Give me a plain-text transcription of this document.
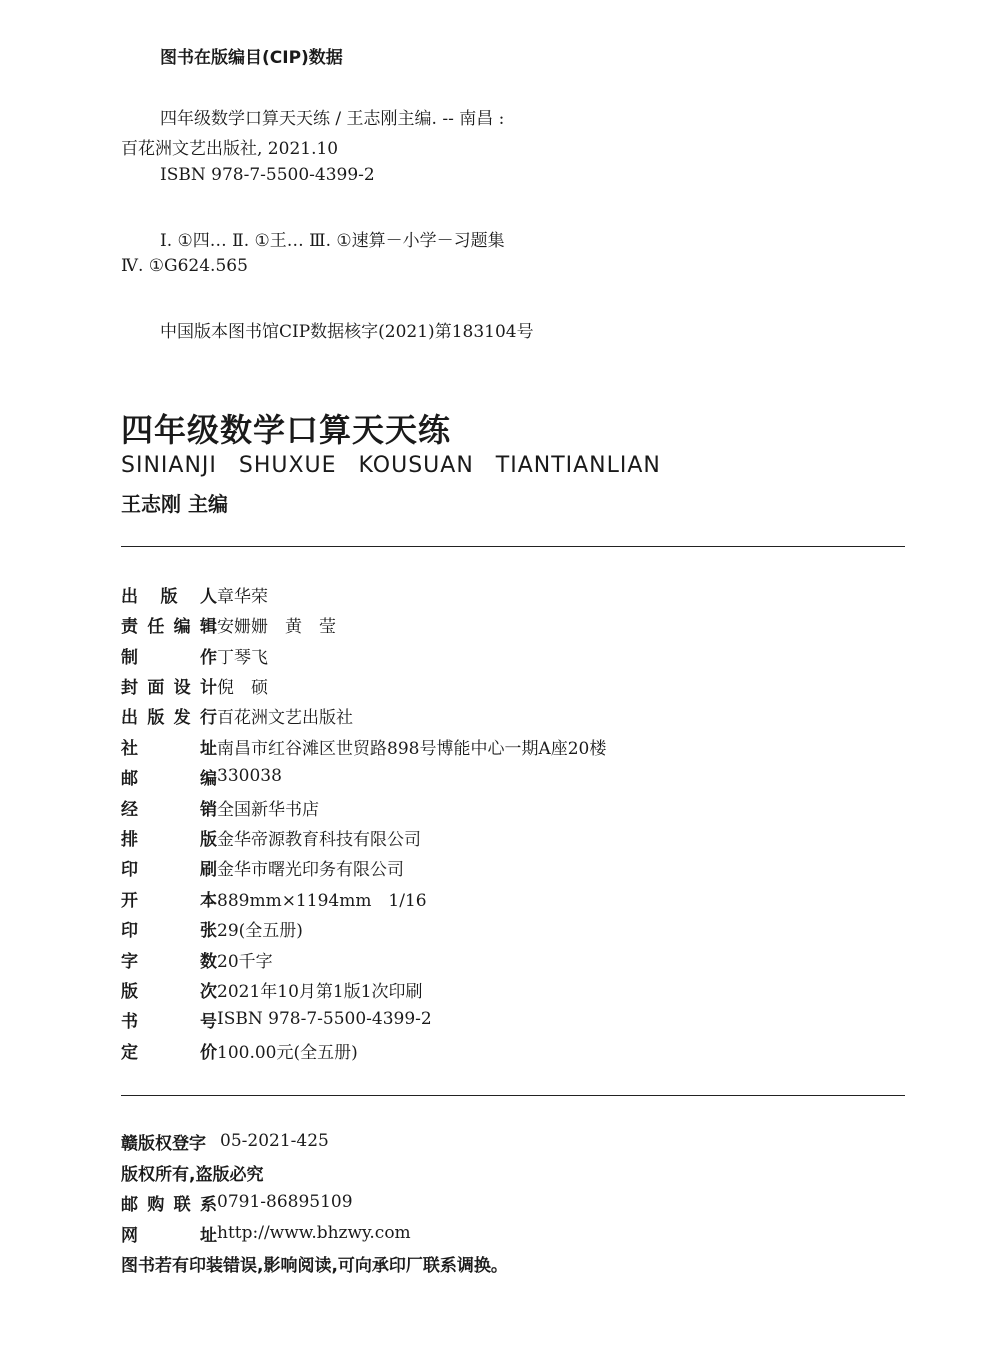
图书在版编目(CIP)数据
四年级数学口算天天练 / 王志刚主编. -- 南昌 :
百花洲文艺出版社, 2021.10
ISBN 978-7-5500-4399-2
Ⅰ. ①四… Ⅱ. ①王… Ⅲ. ①速算－小学－习题集
Ⅳ. ①G624.565
中国版本图书馆CIP数据核字(2021)第183104号
四年级数学口算天天练
SINIANJI SHUXUE KOUSUAN TIANTIANLIAN
王志刚 主编
出版人 章华荣
责任编辑 安姗姗　黄　莹
制作 丁琴飞
封面设计 倪　硕
出版发行 百花洲文艺出版社
社址 南昌市红谷滩区世贸路898号博能中心一期A座20楼
邮编 330038
经销 全国新华书店
排版 金华帝源教育科技有限公司
印刷 金华市曙光印务有限公司
开本 889mm×1194mm　1/16
印张 29(全五册)
字数 20千字
版次 2021年10月第1版1次印刷
书号 ISBN 978-7-5500-4399-2
定价 100.00元(全五册)
赣版权登字 05-2021-425
版权所有,盗版必究
邮购联系 0791-86895109
网址 http://www.bhzwy.com
图书若有印装错误,影响阅读,可向承印厂联系调换。
